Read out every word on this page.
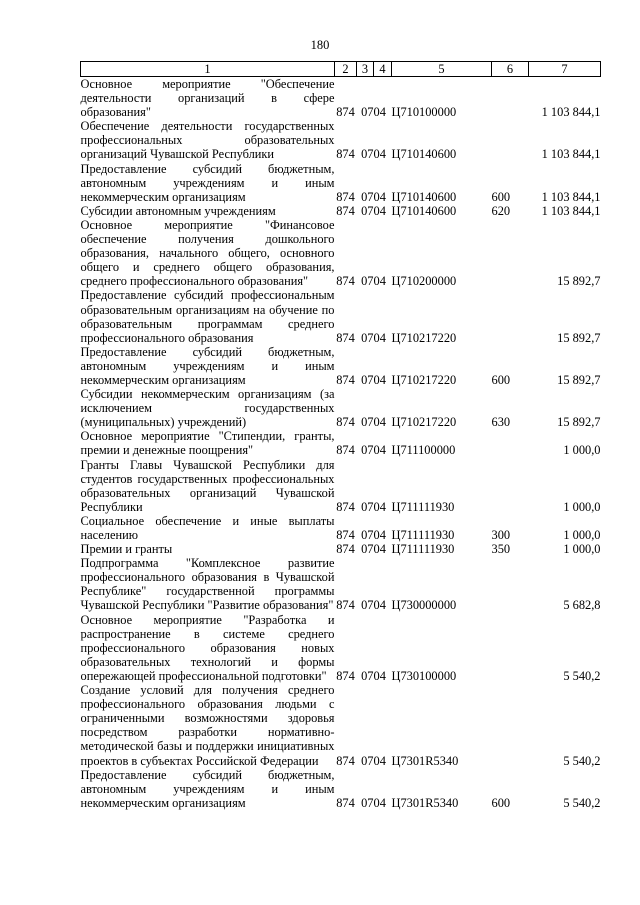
180
1	2	3	4	5	6	7
Основное мероприятие "Обеспечение деятельности организаций в сфере образования"	874	07	04	Ц710100000		1 103 844,1
Обеспечение деятельности государственных профессиональных образовательных организаций Чувашской Республики	874	07	04	Ц710140600		1 103 844,1
Предоставление субсидий бюджетным, автономным учреждениям и иным некоммерческим организациям	874	07	04	Ц710140600	600	1 103 844,1
Субсидии автономным учреждениям	874	07	04	Ц710140600	620	1 103 844,1
Основное мероприятие "Финансовое обеспечение получения дошкольного образования, начального общего, основного общего и среднего общего образования, среднего профессионального образования"	874	07	04	Ц710200000		15 892,7
Предоставление субсидий профессиональным образовательным организациям на обучение по образовательным программам среднего профессионального образования	874	07	04	Ц710217220		15 892,7
Предоставление субсидий бюджетным, автономным учреждениям и иным некоммерческим организациям	874	07	04	Ц710217220	600	15 892,7
Субсидии некоммерческим организациям (за исключением государственных (муниципальных) учреждений)	874	07	04	Ц710217220	630	15 892,7
Основное мероприятие "Стипендии, гранты, премии и денежные поощрения"	874	07	04	Ц711100000		1 000,0
Гранты Главы Чувашской Республики для студентов государственных профессиональных образовательных организаций Чувашской Республики	874	07	04	Ц711111930		1 000,0
Социальное обеспечение и иные выплаты населению	874	07	04	Ц711111930	300	1 000,0
Премии и гранты	874	07	04	Ц711111930	350	1 000,0
Подпрограмма "Комплексное развитие профессионального образования в Чувашской Республике" государственной программы Чувашской Республики "Развитие образования"	874	07	04	Ц730000000		5 682,8
Основное мероприятие "Разработка и распространение в системе среднего профессионального образования новых образовательных технологий и формы опережающей профессиональной подготовки"	874	07	04	Ц730100000		5 540,2
Создание условий для получения среднего профессионального образования людьми с ограниченными возможностями здоровья посредством разработки нормативно-методической базы и поддержки инициативных проектов в субъектах Российской Федерации	874	07	04	Ц7301R5340		5 540,2
Предоставление субсидий бюджетным, автономным учреждениям и иным некоммерческим организациям	874	07	04	Ц7301R5340	600	5 540,2
